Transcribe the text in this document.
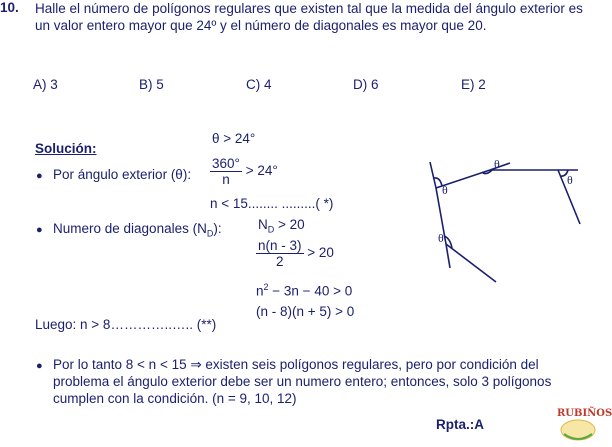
10. Halle el número de polígonos regulares que existen tal que la medida del ángulo exterior es un valor entero mayor que 24º y el número de diagonales es mayor que 20.
A) 3	B) 5	C) 4	D) 6	E) 2
Solución:
θ > 24°
● Por ángulo exterior (θ): $\frac{360^\circ}{n} > 24^\circ$
n < 15........ .........( *)
● Numero de diagonales $(N_D)$:	$N_D > 20$
$\frac{n(n - 3)}{2} > 20$
$n^2 - 3n - 40 > 0$
(n - 8)(n + 5) > 0
Luego: n > 8…………..….. (**)
● Por lo tanto 8 < n < 15 ⇒ existen seis polígonos regulares, pero por condición del problema el ángulo exterior debe ser un numero entero; entonces, solo 3 polígonos cumplen con la condición. (n = 9, 10, 12)
Rpta.:A
RUBIÑOS
θ
θ
θ
θ
